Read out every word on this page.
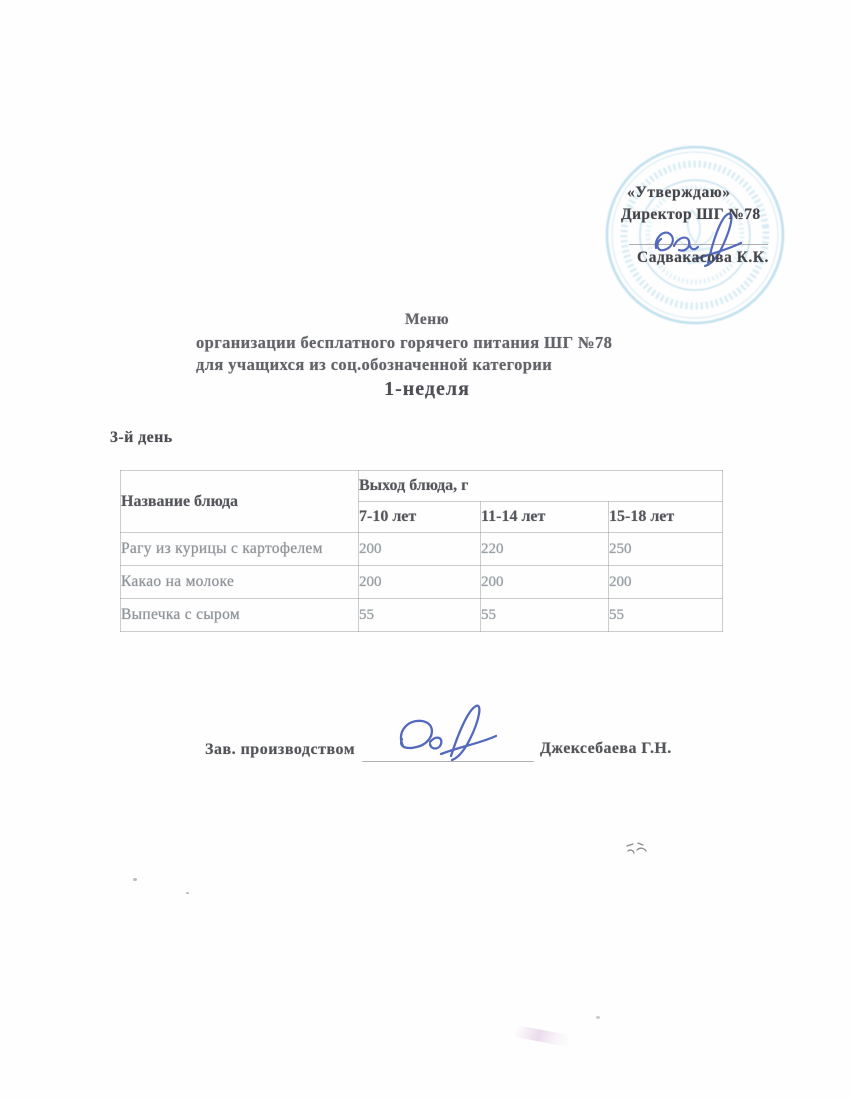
«Утверждаю»
Директор ШГ №78
Садвакасова К.К.
Меню
организации бесплатного горячего питания ШГ №78
для учащихся из соц.обозначенной категории
1-неделя
3-й день
Название блюда	Выход блюда, г		
	7-10 лет	11-14 лет	15-18 лет
Рагу из курицы с картофелем	200	220	250
Какао на молоке	200	200	200
Выпечка с сыром	55	55	55
Зав. производством	Джексебаева Г.Н.
